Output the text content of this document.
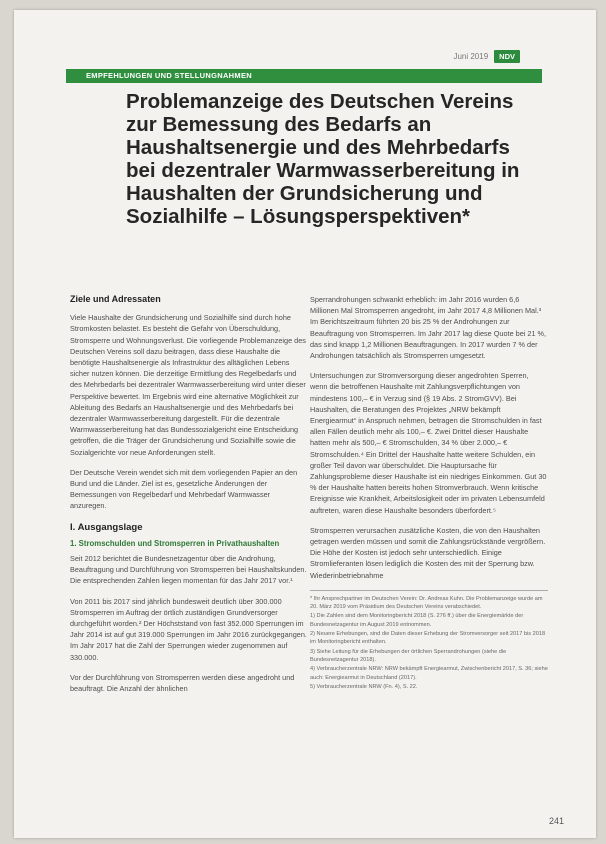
Juni 2019	NDV
EMPFEHLUNGEN UND STELLUNGNAHMEN
Problemanzeige des Deutschen Vereins zur Bemessung des Bedarfs an Haushaltsenergie und des Mehrbedarfs bei dezentraler Warmwasserbereitung in Haushalten der Grundsicherung und Sozialhilfe – Lösungsperspektiven*
Ziele und Adressaten

Viele Haushalte der Grundsicherung und Sozialhilfe sind durch hohe Stromkosten belastet. Es besteht die Gefahr von Überschuldung, Stromsperre und Wohnungsverlust. Die vorliegende Problemanzeige des Deutschen Vereins soll dazu beitragen, dass diese Haushalte die benötigte Haushaltsenergie als Infrastruktur des alltäglichen Lebens sicher nutzen können. Die derzeitige Ermittlung des Regelbedarfs und des Mehrbedarfs bei dezentraler Warmwasserbereitung wird unter dieser Perspektive bewertet. Im Ergebnis wird eine alternative Möglichkeit zur Ableitung des Bedarfs an Haushaltsenergie und des Mehrbedarfs bei dezentraler Warmwasserbereitung dargestellt. Für die dezentrale Warmwasserbereitung hat das Bundessozialgericht eine Entscheidung getroffen, die die Träger der Grundsicherung und Sozialhilfe sowie die Sozialgerichte vor neue Anforderungen stellt.

Der Deutsche Verein wendet sich mit dem vorliegenden Papier an den Bund und die Länder. Ziel ist es, gesetzliche Änderungen der Bemessungen von Regelbedarf und Mehrbedarf Warmwasser anzuregen.

I. Ausgangslage
1. Stromschulden und Stromsperren in Privathaushalten

Seit 2012 berichtet die Bundesnetzagentur über die Androhung, Beauftragung und Durchführung von Stromsperren bei Haushaltskunden. Die entsprechenden Zahlen liegen momentan für das Jahr 2017 vor.¹

Von 2011 bis 2017 sind jährlich bundesweit deutlich über 300.000 Stromsperren im Auftrag der örtlich zuständigen Grundversorger durchgeführt worden.² Der Höchststand von fast 352.000 Sperrungen im Jahr 2014 ist auf gut 319.000 Sperrungen im Jahr 2016 zurückgegangen. Im Jahr 2017 hat die Zahl der Sperrungen wieder zugenommen auf 330.000.

Vor der Durchführung von Stromsperren werden diese angedroht und beauftragt. Die Anzahl der ähnlichen

Sperrandrohungen schwankt erheblich: im Jahr 2016 wurden 6,6 Millionen Mal Stromsperren angedroht, im Jahr 2017 4,8 Millionen Mal.³ Im Berichtszeitraum führten 20 bis 25 % der Androhungen zur Beauftragung von Stromsperren. Im Jahr 2017 lag diese Quote bei 21 %, das sind knapp 1,2 Millionen Beauftragungen. In 2017 wurden 7 % der Androhungen tatsächlich als Stromsperren umgesetzt.

Untersuchungen zur Stromversorgung dieser angedrohten Sperren, wenn die betroffenen Haushalte mit Zahlungsverpflichtungen von mindestens 100,– € in Verzug sind (§ 19 Abs. 2 StromGVV). Bei Haushalten, die Beratungen des Projektes „NRW bekämpft Energiearmut“ in Anspruch nehmen, betragen die Stromschulden in fast allen Fällen deutlich mehr als 100,– €. Zwei Drittel dieser Haushalte hatten mehr als 500,– € Stromschulden, 34 % über 2.000,– € Stromschulden.⁴ Ein Drittel der Haushalte hatte weitere Schulden, ein großer Teil davon war überschuldet. Die Hauptursache für Zahlungsprobleme dieser Haushalte ist ein niedriges Einkommen. Gut 30 % der Haushalte hatten bereits hohen Stromverbrauch. Wenn kritische Ereignisse wie Krankheit, Arbeitslosigkeit oder im privaten Lebensumfeld auftreten, waren diese Haushalte besonders überfordert.⁵

Stromsperren verursachen zusätzliche Kosten, die von den Haushalten getragen werden müssen und somit die Zahlungsrückstände vergrößern. Die Höhe der Kosten ist jedoch sehr unterschiedlich. Einige Stromlieferanten lösen lediglich die Kosten des mit der Sperrung bzw. Wiederinbetriebnahme

* Ihr Ansprechpartner im Deutschen Verein: Dr. Andreas Kuhn. Die Problemanzeige wurde am 20. März 2019 vom Präsidium des Deutschen Vereins verabschiedet.
1) Die Zahlen sind dem Monitoringbericht 2018 (S. 276 ff.) über die Energiemärkte der Bundesnetzagentur im August 2019 entnommen.
2) Neuere Erhebungen, sind die Daten dieser Erhebung der Stromversorger seit 2017 bis 2018 im Monitoringbericht enthalten.
3) Siehe Leitung für die Erhebungen der örtlichen Sperrandrohungen (siehe die Bundesnetzagentur 2018).
4) Verbraucherzentrale NRW: NRW bekämpft Energiearmut, Zwischenbericht 2017, S. 36; siehe auch: Energiearmut in Deutschland (2017).
5) Verbraucherzentrale NRW (Fn. 4), S. 22.
241
